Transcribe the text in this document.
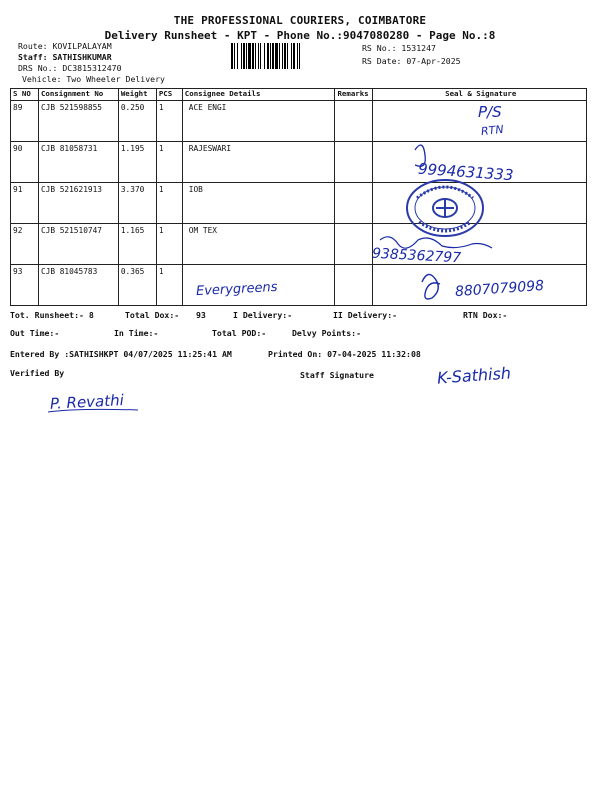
THE PROFESSIONAL COURIERS, COIMBATORE
Delivery Runsheet - KPT - Phone No.:9047080280 - Page No.:8
Route: KOVILPALAYAM
Staff: SATHISHKUMAR
DRS No.: DC3815312470
Vehicle: Two Wheeler Delivery
RS No.: 1531247
RS Date: 07-Apr-2025
S NO	Consignment No	Weight	PCS	Consignee Details	Remarks	Seal & Signature
89	CJB 521598855	0.250	1	ACE ENGI		
90	CJB 81058731	1.195	1	RAJESWARI		
91	CJB 521621913	3.370	1	IOB		
92	CJB 521510747	1.165	1	OM TEX		
93	CJB 81045783	0.365	1			
Tot. Runsheet:- 8	Total Dox:- 93	I Delivery:-	II Delivery:-	RTN Dox:-
Out Time:-	In Time:-	Total POD:-	Delvy Points:-
Entered By :SATHISHKPT 04/07/2025 11:25:41 AM	Printed On: 07-04-2025 11:32:08
Verified By	Staff Signature
P/S
RTN
9994631333
9385362797
Everygreens	8807079098
K-Sathish
P. Revathi
